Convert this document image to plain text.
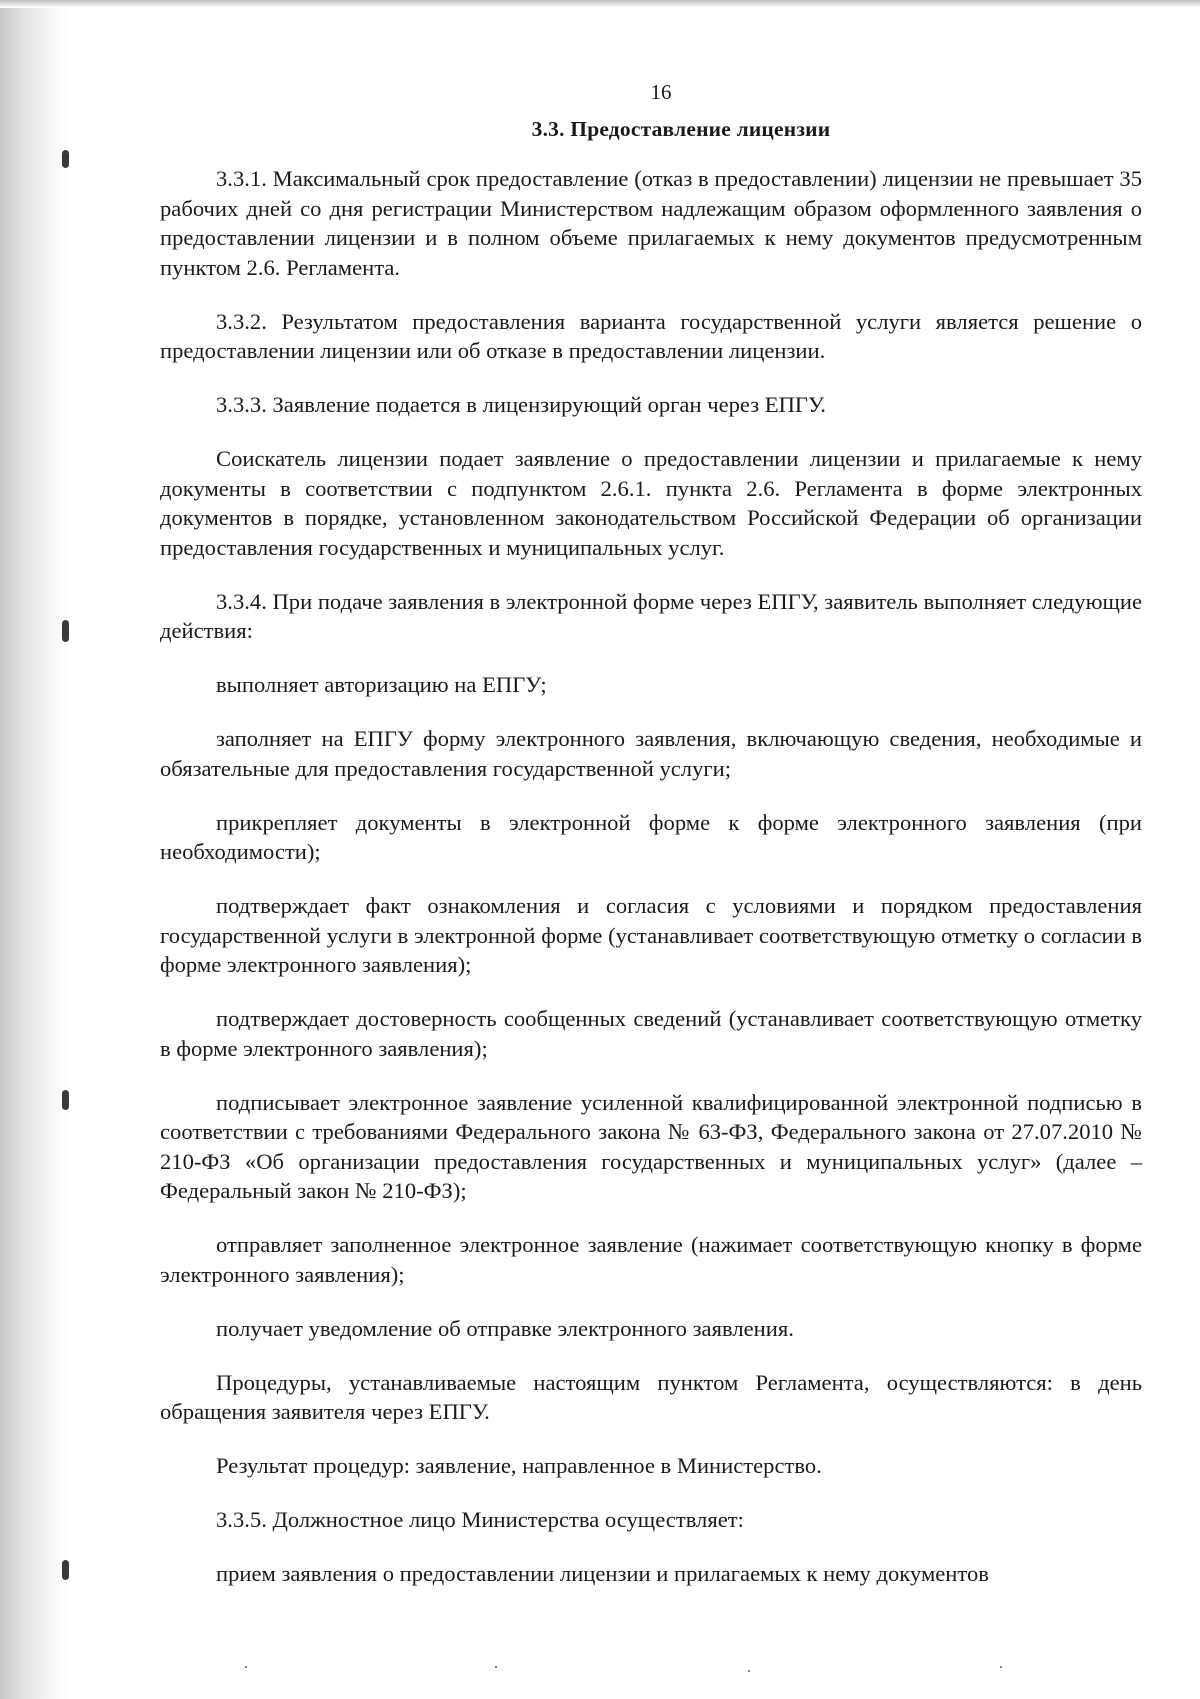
16
3.3. Предоставление лицензии

3.3.1. Максимальный срок предоставление (отказ в предоставлении) лицензии не превышает 35 рабочих дней со дня регистрации Министерством надлежащим образом оформленного заявления о предоставлении лицензии и в полном объеме прилагаемых к нему документов предусмотренным пунктом 2.6. Регламента.

3.3.2. Результатом предоставления варианта государственной услуги является решение о предоставлении лицензии или об отказе в предоставлении лицензии.

3.3.3. Заявление подается в лицензирующий орган через ЕПГУ.

Соискатель лицензии подает заявление о предоставлении лицензии и прилагаемые к нему документы в соответствии с подпунктом 2.6.1. пункта 2.6. Регламента в форме электронных документов в порядке, установленном законодательством Российской Федерации об организации предоставления государственных и муниципальных услуг.

3.3.4. При подаче заявления в электронной форме через ЕПГУ, заявитель выполняет следующие действия:

выполняет авторизацию на ЕПГУ;

заполняет на ЕПГУ форму электронного заявления, включающую сведения, необходимые и обязательные для предоставления государственной услуги;

прикрепляет документы в электронной форме к форме электронного заявления (при необходимости);

подтверждает факт ознакомления и согласия с условиями и порядком предоставления государственной услуги в электронной форме (устанавливает соответствующую отметку о согласии в форме электронного заявления);

подтверждает достоверность сообщенных сведений (устанавливает соответствующую отметку в форме электронного заявления);

подписывает электронное заявление усиленной квалифицированной электронной подписью в соответствии с требованиями Федерального закона № 63-ФЗ, Федерального закона от 27.07.2010 № 210-ФЗ «Об организации предоставления государственных и муниципальных услуг» (далее – Федеральный закон № 210-ФЗ);

отправляет заполненное электронное заявление (нажимает соответствующую кнопку в форме электронного заявления);

получает уведомление об отправке электронного заявления.

Процедуры, устанавливаемые настоящим пунктом Регламента, осуществляются: в день обращения заявителя через ЕПГУ.

Результат процедур: заявление, направленное в Министерство.

3.3.5. Должностное лицо Министерства осуществляет:

прием заявления о предоставлении лицензии и прилагаемых к нему документов
